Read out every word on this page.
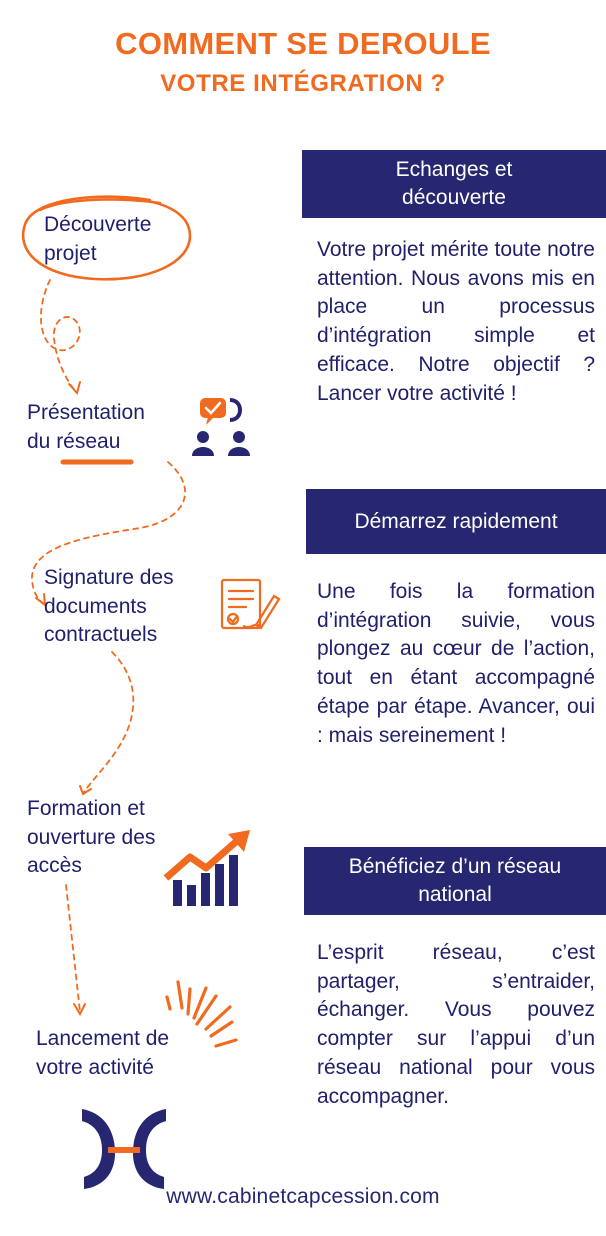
COMMENT SE DEROULE
VOTRE INTÉGRATION ?
Découverte
projet
Présentation
du réseau
Signature des
documents
contractuels
Formation et
ouverture des
accès
Lancement de
votre activité
Echanges et
découverte
Votre projet mérite toute notre attention. Nous avons mis en place un processus d’intégration simple et efficace. Notre objectif ? Lancer votre activité !
Démarrez rapidement
Une fois la formation d’intégration suivie, vous plongez au cœur de l’action, tout en étant accompagné étape par étape. Avancer, oui : mais sereinement !
Bénéficiez d’un réseau
national
L’esprit réseau, c’est partager, s’entraider, échanger. Vous pouvez compter sur l’appui d’un réseau national pour vous accompagner.
www.cabinetcapcession.com
